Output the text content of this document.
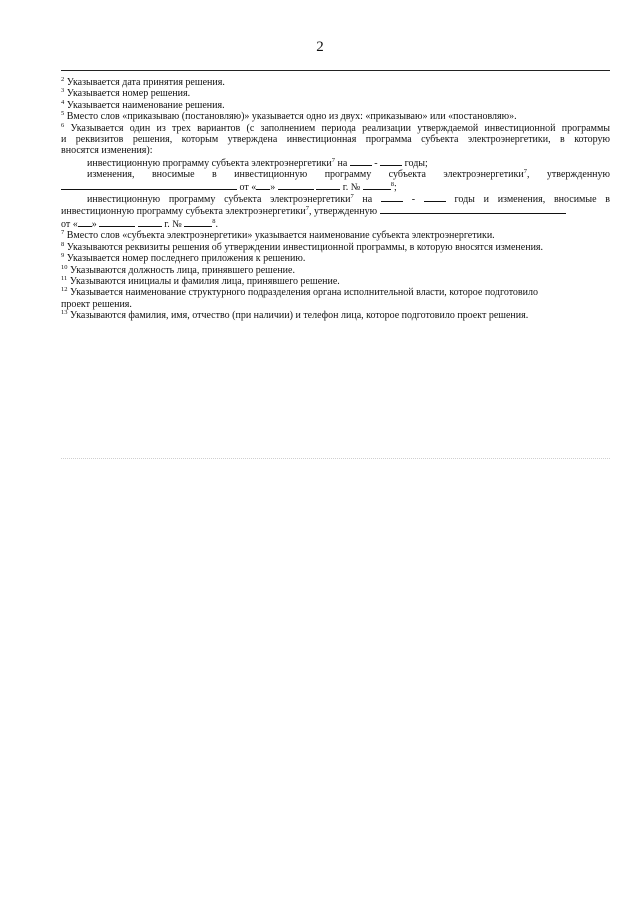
2

$^2$ Указывается дата принятия решения.

$^3$ Указывается номер решения.

$^4$ Указывается наименование решения.

$^5$ Вместо слов «приказываю (постановляю)» указывается одно из двух: «приказываю» или «постановляю».

$^6$ Указывается один из трех вариантов (с заполнением периода реализации утверждаемой инвестиционной программы

и реквизитов решения, которым утверждена инвестиционная программа субъекта электроэнергетики, в которую

вносятся изменения):

инвестиционную программу субъекта электроэнергетики$^7$ на  -  годы;

изменения, вносимые в инвестиционную программу субъекта электроэнергетики$^7$, утвержденную

от « »	г. №	$^8$;

инвестиционную программу субъекта электроэнергетики$^7$ на  -  годы и изменения, вносимые в

инвестиционную программу субъекта электроэнергетики$^7$, утвержденную

от « »	г. №	$^8$.

$^7$ Вместо слов «субъекта электроэнергетики» указывается наименование субъекта электроэнергетики.

$^8$ Указываются реквизиты решения об утверждении инвестиционной программы, в которую вносятся изменения.

$^9$ Указывается номер последнего приложения к решению.

$^{10}$ Указываются должность лица, принявшего решение.

$^{11}$ Указываются инициалы и фамилия лица, принявшего решение.

$^{12}$ Указывается наименование структурного подразделения органа исполнительной власти, которое подготовило

проект решения.

$^{13}$ Указываются фамилия, имя, отчество (при наличии) и телефон лица, которое подготовило проект решения.
